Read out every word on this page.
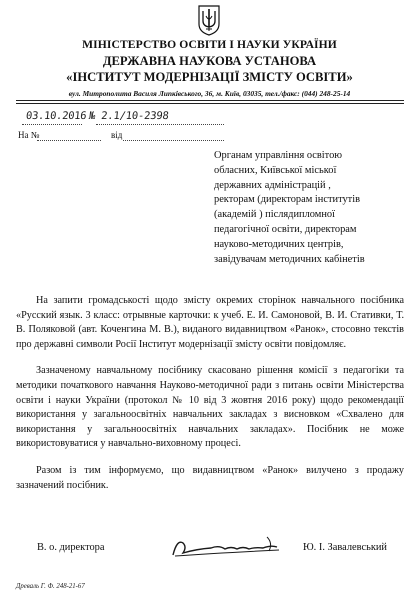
МІНІСТЕРСТВО ОСВІТИ І НАУКИ УКРАЇНИ
ДЕРЖАВНА НАУКОВА УСТАНОВА
«ІНСТИТУТ МОДЕРНІЗАЦІЇ ЗМІСТУ ОСВІТИ»
вул. Митрополита Василя Липківського, 36, м. Київ, 03035, тел./факс: (044) 248-25-14
03.10.2016 № 2.1/10-2398
На №	від
Органам управління освітою
обласних, Київської міської
державних адміністрацій ,
ректорам (директорам інститутів
(академій ) післядипломної
педагогічної освіти, директорам
науково-методичних центрів,
завідувачам методичних кабінетів

На запити громадськості щодо змісту окремих сторінок навчального посібника «Русский язык. 3 класс: отрывные карточки: к учеб. Е. И. Самоновой, В. И. Стативки, Т. В. Поляковой (авт. Коченгина М. В.), виданого видавництвом «Ранок», стосовно текстів про державні символи Росії Інститут модернізації змісту освіти повідомляє.

Зазначеному навчальному посібнику скасовано рішення комісії з педагогіки та методики початкового навчання Науково-методичної ради з питань освіти Міністерства освіти і науки України (протокол № 10 від 3 жовтня 2016 року) щодо рекомендації використання у загальноосвітніх навчальних закладах з висновком «Схвалено для використання у загальноосвітніх навчальних закладах». Посібник не може використовуватися у навчально-виховному процесі.

Разом із тим інформуємо, що видавництвом «Ранок» вилучено з продажу зазначений посібник.

В. о. директора	Ю. І. Завалевський
Древаль Г. Ф. 248-21-67
